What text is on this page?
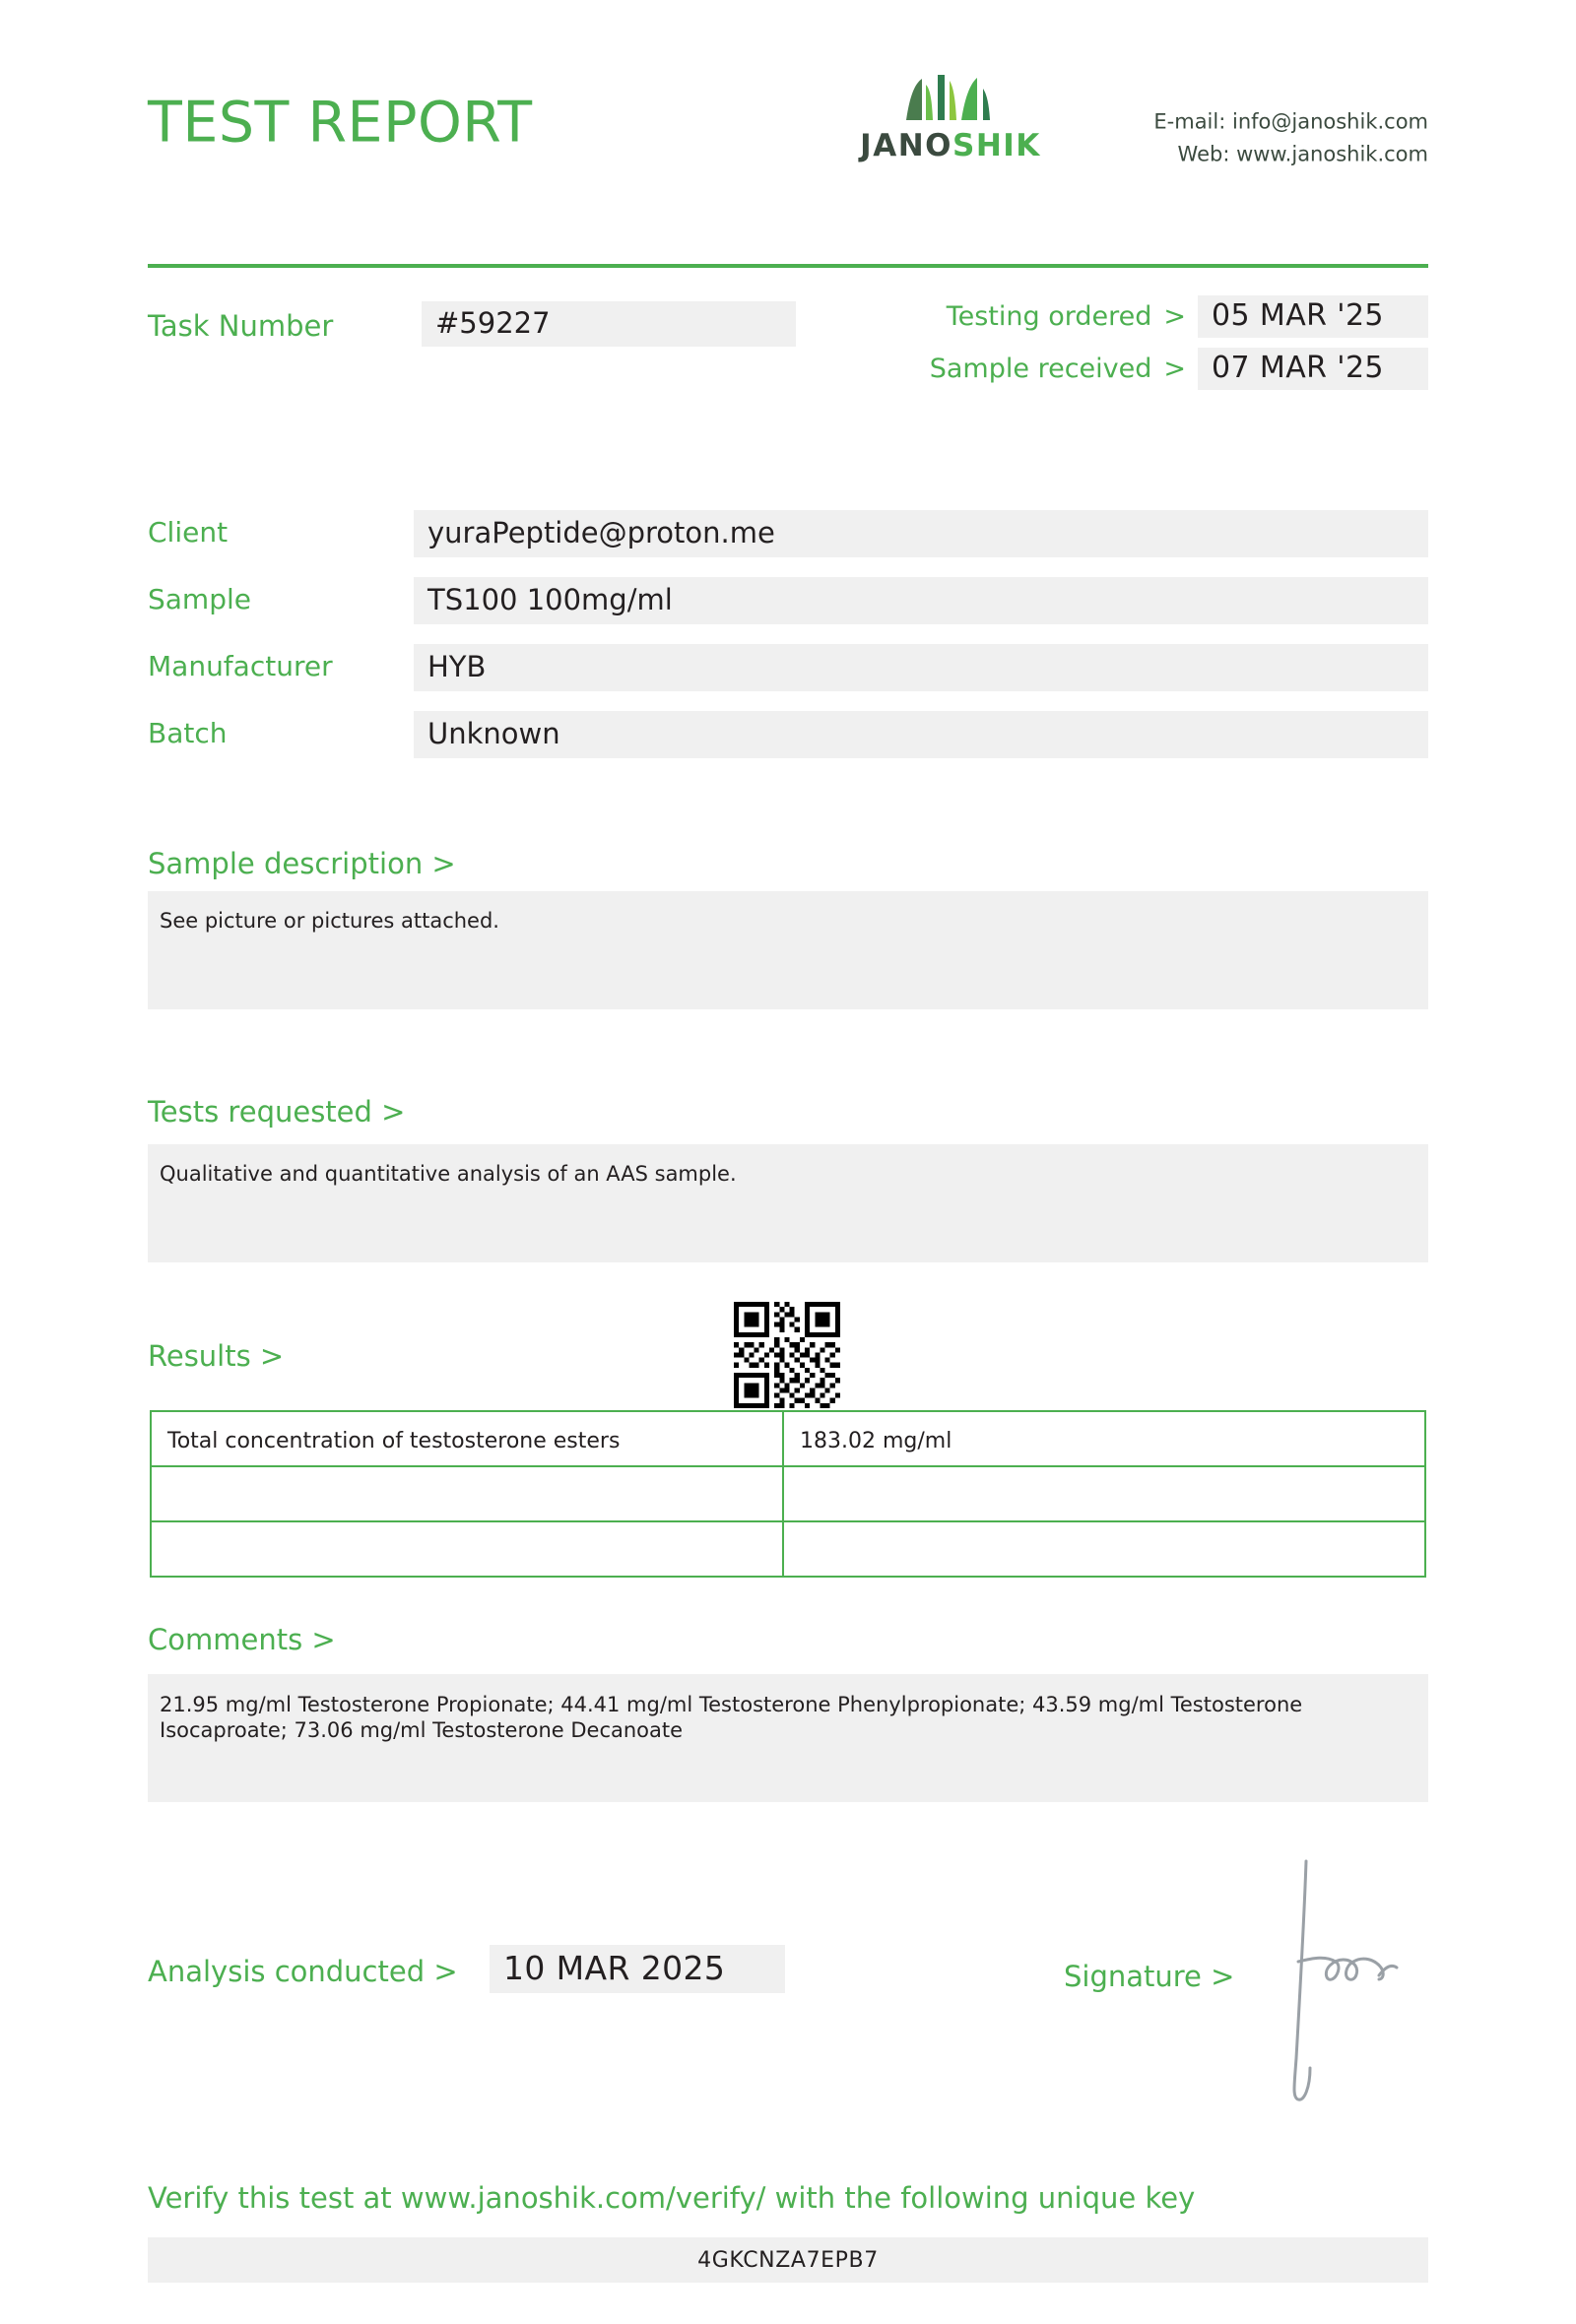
TEST REPORT	JANOSHIK
E-mail: info@janoshik.com
Web: www.janoshik.com
Task Number	#59227	Testing ordered > 05 MAR '25
Sample received > 07 MAR '25
Client	yuraPeptide@proton.me
Sample	TS100 100mg/ml
Manufacturer	HYB
Batch	Unknown
Sample description >
See picture or pictures attached.
Tests requested >
Qualitative and quantitative analysis of an AAS sample.
Results >
Total concentration of testosterone esters	183.02 mg/ml

Comments >
21.95 mg/ml Testosterone Propionate; 44.41 mg/ml Testosterone Phenylpropionate; 43.59 mg/ml Testosterone Isocaproate; 73.06 mg/ml Testosterone Decanoate
Analysis conducted >	10 MAR 2025	Signature >
Verify this test at www.janoshik.com/verify/ with the following unique key
4GKCNZA7EPB7
